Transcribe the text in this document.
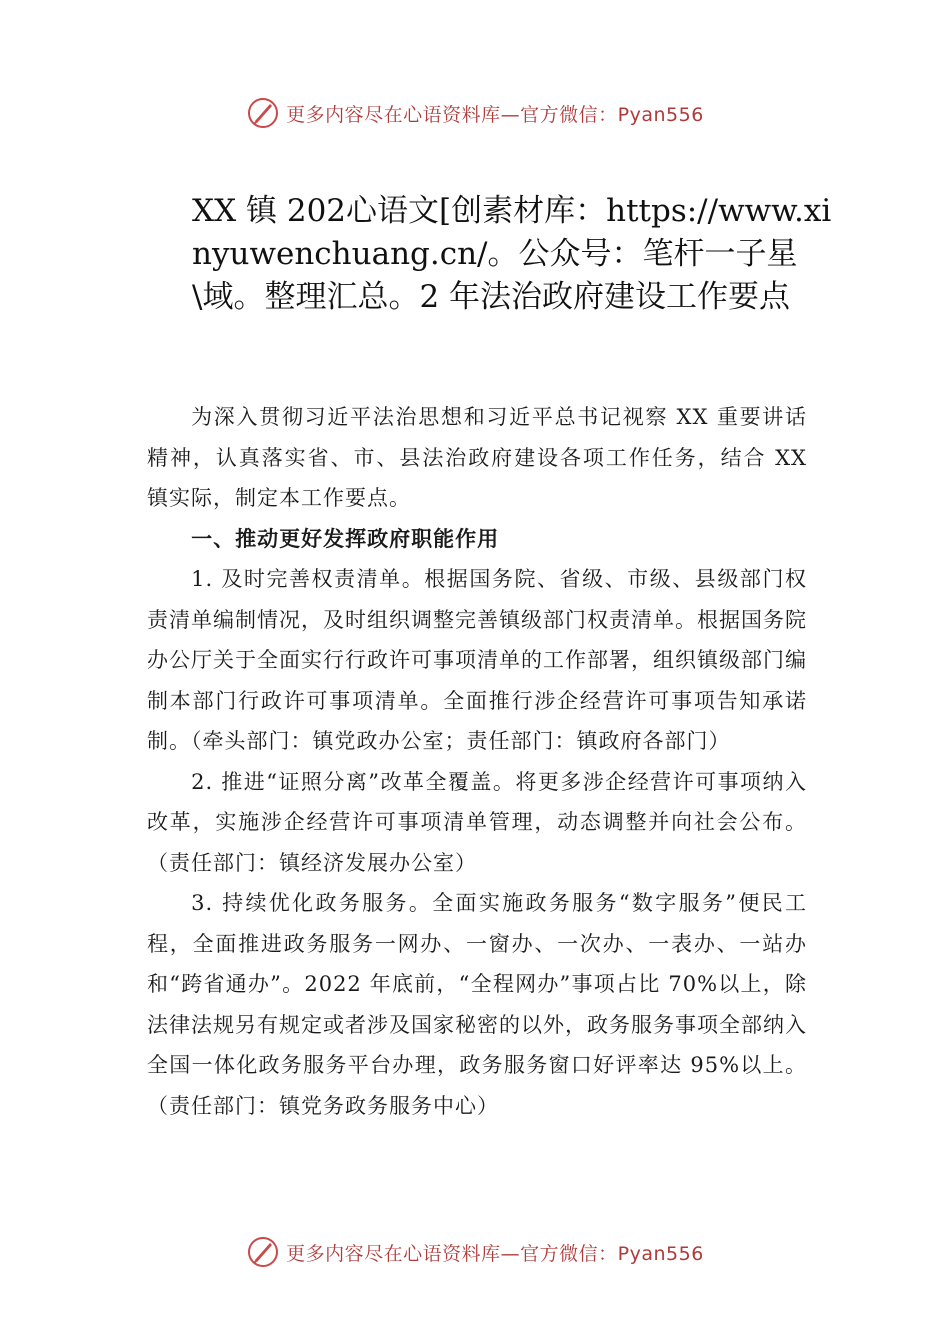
更多内容尽在心语资料库—官方微信：Pyan556
XX 镇 202心语文[创素材库：https://www.xinyuwenchuang.cn/。公众号：笔杆一子星\域。整理汇总。2 年法治政府建设工作要点

为深入贯彻习近平法治思想和习近平总书记视察 XX 重要讲话精神，认真落实省、市、县法治政府建设各项工作任务，结合 XX 镇实际，制定本工作要点。

一、推动更好发挥政府职能作用

1. 及时完善权责清单。根据国务院、省级、市级、县级部门权责清单编制情况，及时组织调整完善镇级部门权责清单。根据国务院办公厅关于全面实行行政许可事项清单的工作部署，组织镇级部门编制本部门行政许可事项清单。全面推行涉企经营许可事项告知承诺制。（牵头部门：镇党政办公室；责任部门：镇政府各部门）

2. 推进“证照分离”改革全覆盖。将更多涉企经营许可事项纳入改革，实施涉企经营许可事项清单管理，动态调整并向社会公布。（责任部门：镇经济发展办公室）

3. 持续优化政务服务。全面实施政务服务“数字服务”便民工程，全面推进政务服务一网办、一窗办、一次办、一表办、一站办和“跨省通办”。2022 年底前，“全程网办”事项占比 70%以上，除法律法规另有规定或者涉及国家秘密的以外，政务服务事项全部纳入全国一体化政务服务平台办理，政务服务窗口好评率达 95%以上。（责任部门：镇党务政务服务中心）

更多内容尽在心语资料库—官方微信：Pyan556
